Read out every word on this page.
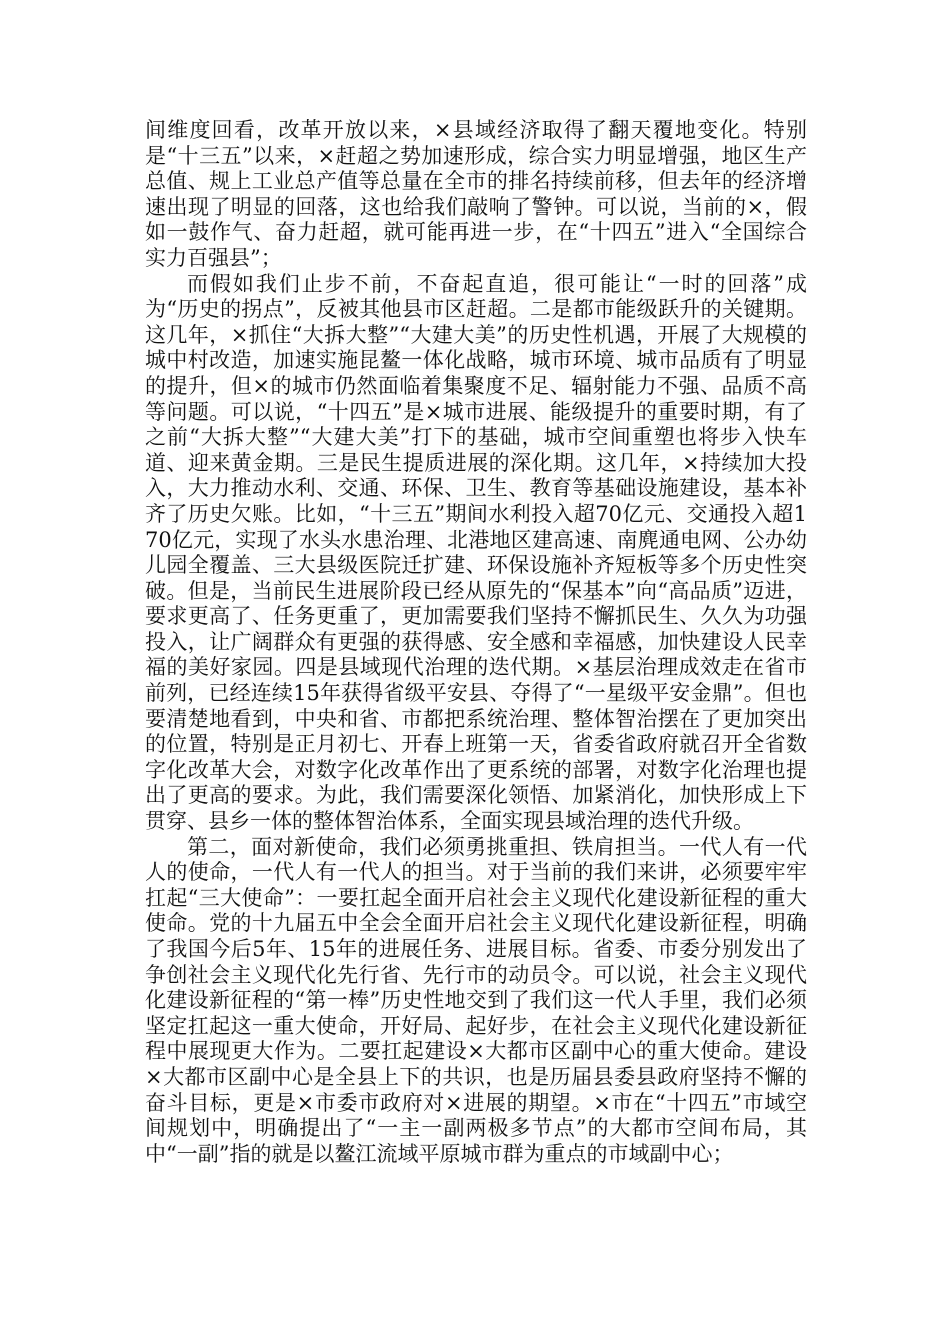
间维度回看，改革开放以来，×县域经济取得了翻天覆地变化。特别是“十三五”以来，×赶超之势加速形成，综合实力明显增强，地区生产总值、规上工业总产值等总量在全市的排名持续前移，但去年的经济增速出现了明显的回落，这也给我们敲响了警钟。可以说，当前的×，假如一鼓作气、奋力赶超，就可能再进一步，在“十四五”进入“全国综合实力百强县”；

而假如我们止步不前，不奋起直追，很可能让“一时的回落”成为“历史的拐点”，反被其他县市区赶超。二是都市能级跃升的关键期。这几年，×抓住“大拆大整”“大建大美”的历史性机遇，开展了大规模的城中村改造，加速实施昆鳌一体化战略，城市环境、城市品质有了明显的提升，但×的城市仍然面临着集聚度不足、辐射能力不强、品质不高等问题。可以说，“十四五”是×城市进展、能级提升的重要时期，有了之前“大拆大整”“大建大美”打下的基础，城市空间重塑也将步入快车道、迎来黄金期。三是民生提质进展的深化期。这几年，×持续加大投入，大力推动水利、交通、环保、卫生、教育等基础设施建设，基本补齐了历史欠账。比如，“十三五”期间水利投入超70亿元、交通投入超170亿元，实现了水头水患治理、北港地区建高速、南麂通电网、公办幼儿园全覆盖、三大县级医院迁扩建、环保设施补齐短板等多个历史性突破。但是，当前民生进展阶段已经从原先的“保基本”向“高品质”迈进，要求更高了、任务更重了，更加需要我们坚持不懈抓民生、久久为功强投入，让广阔群众有更强的获得感、安全感和幸福感，加快建设人民幸福的美好家园。四是县域现代治理的迭代期。×基层治理成效走在省市前列，已经连续15年获得省级平安县、夺得了“一星级平安金鼎”。但也要清楚地看到，中央和省、市都把系统治理、整体智治摆在了更加突出的位置，特别是正月初七、开春上班第一天，省委省政府就召开全省数字化改革大会，对数字化改革作出了更系统的部署，对数字化治理也提出了更高的要求。为此，我们需要深化领悟、加紧消化，加快形成上下贯穿、县乡一体的整体智治体系，全面实现县域治理的迭代升级。

第二，面对新使命，我们必须勇挑重担、铁肩担当。一代人有一代人的使命，一代人有一代人的担当。对于当前的我们来讲，必须要牢牢扛起“三大使命”：一要扛起全面开启社会主义现代化建设新征程的重大使命。党的十九届五中全会全面开启社会主义现代化建设新征程，明确了我国今后5年、15年的进展任务、进展目标。省委、市委分别发出了争创社会主义现代化先行省、先行市的动员令。可以说，社会主义现代化建设新征程的“第一棒”历史性地交到了我们这一代人手里，我们必须坚定扛起这一重大使命，开好局、起好步，在社会主义现代化建设新征程中展现更大作为。二要扛起建设×大都市区副中心的重大使命。建设×大都市区副中心是全县上下的共识，也是历届县委县政府坚持不懈的奋斗目标，更是×市委市政府对×进展的期望。×市在“十四五”市域空间规划中，明确提出了“一主一副两极多节点”的大都市空间布局，其中“一副”指的就是以鳌江流域平原城市群为重点的市域副中心；
